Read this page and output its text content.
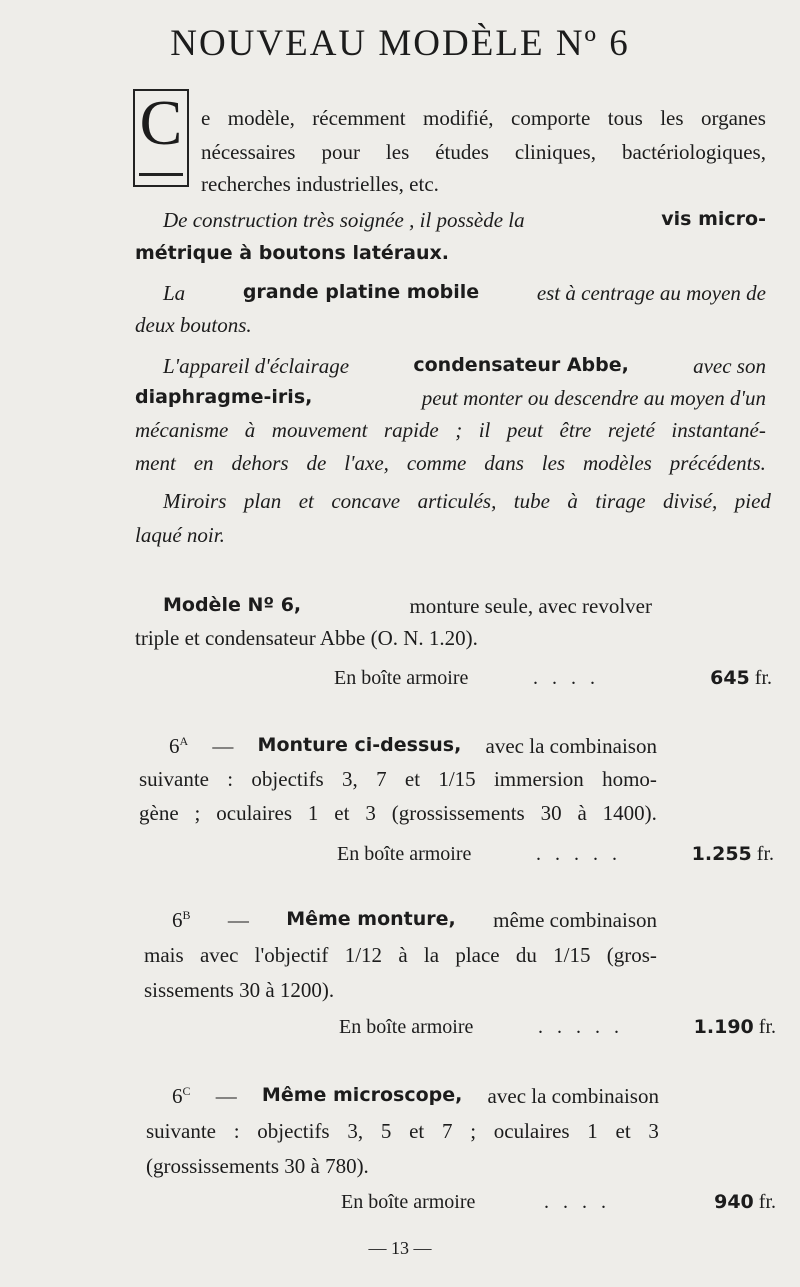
NOUVEAU MODÈLE Nº 6
C e modèle, récemment modifié, comporte tous les organes
nécessaires pour les études cliniques, bactériologiques,
recherches industrielles, etc.
De construction très soignée , il possède la	vis micro-
métrique à boutons latéraux.
La	grande platine mobile	est à centrage au moyen de
deux boutons.
L'appareil d'éclairage	condensateur Abbe,	avec son
diaphragme-iris,	peut monter ou descendre au moyen d'un
mécanisme à mouvement rapide ; il peut être rejeté instantané-
ment en dehors de l'axe, comme dans les modèles précédents.
Miroirs plan et concave articulés, tube à tirage divisé, pied
laqué noir.
Modèle Nº 6,	monture seule, avec revolver
triple et condensateur Abbe (O. N. 1.20).
En boîte armoire	....	645 fr.
$6^A$ — Monture ci-dessus, avec la combinaison
suivante : objectifs 3, 7 et 1/15 immersion homo-
gène ; oculaires 1 et 3 (grossissements 30 à 1400).
En boîte armoire	.....	1.255 fr.
$6^B$ — Même monture, même combinaison
mais avec l'objectif 1/12 à la place du 1/15 (gros-
sissements 30 à 1200).
En boîte armoire	.....	1.190 fr.
$6^C$ — Même microscope, avec la combinaison
suivante : objectifs 3, 5 et 7 ; oculaires 1 et 3
(grossissements 30 à 780).
En boîte armoire	....	940 fr.
— 13 —
